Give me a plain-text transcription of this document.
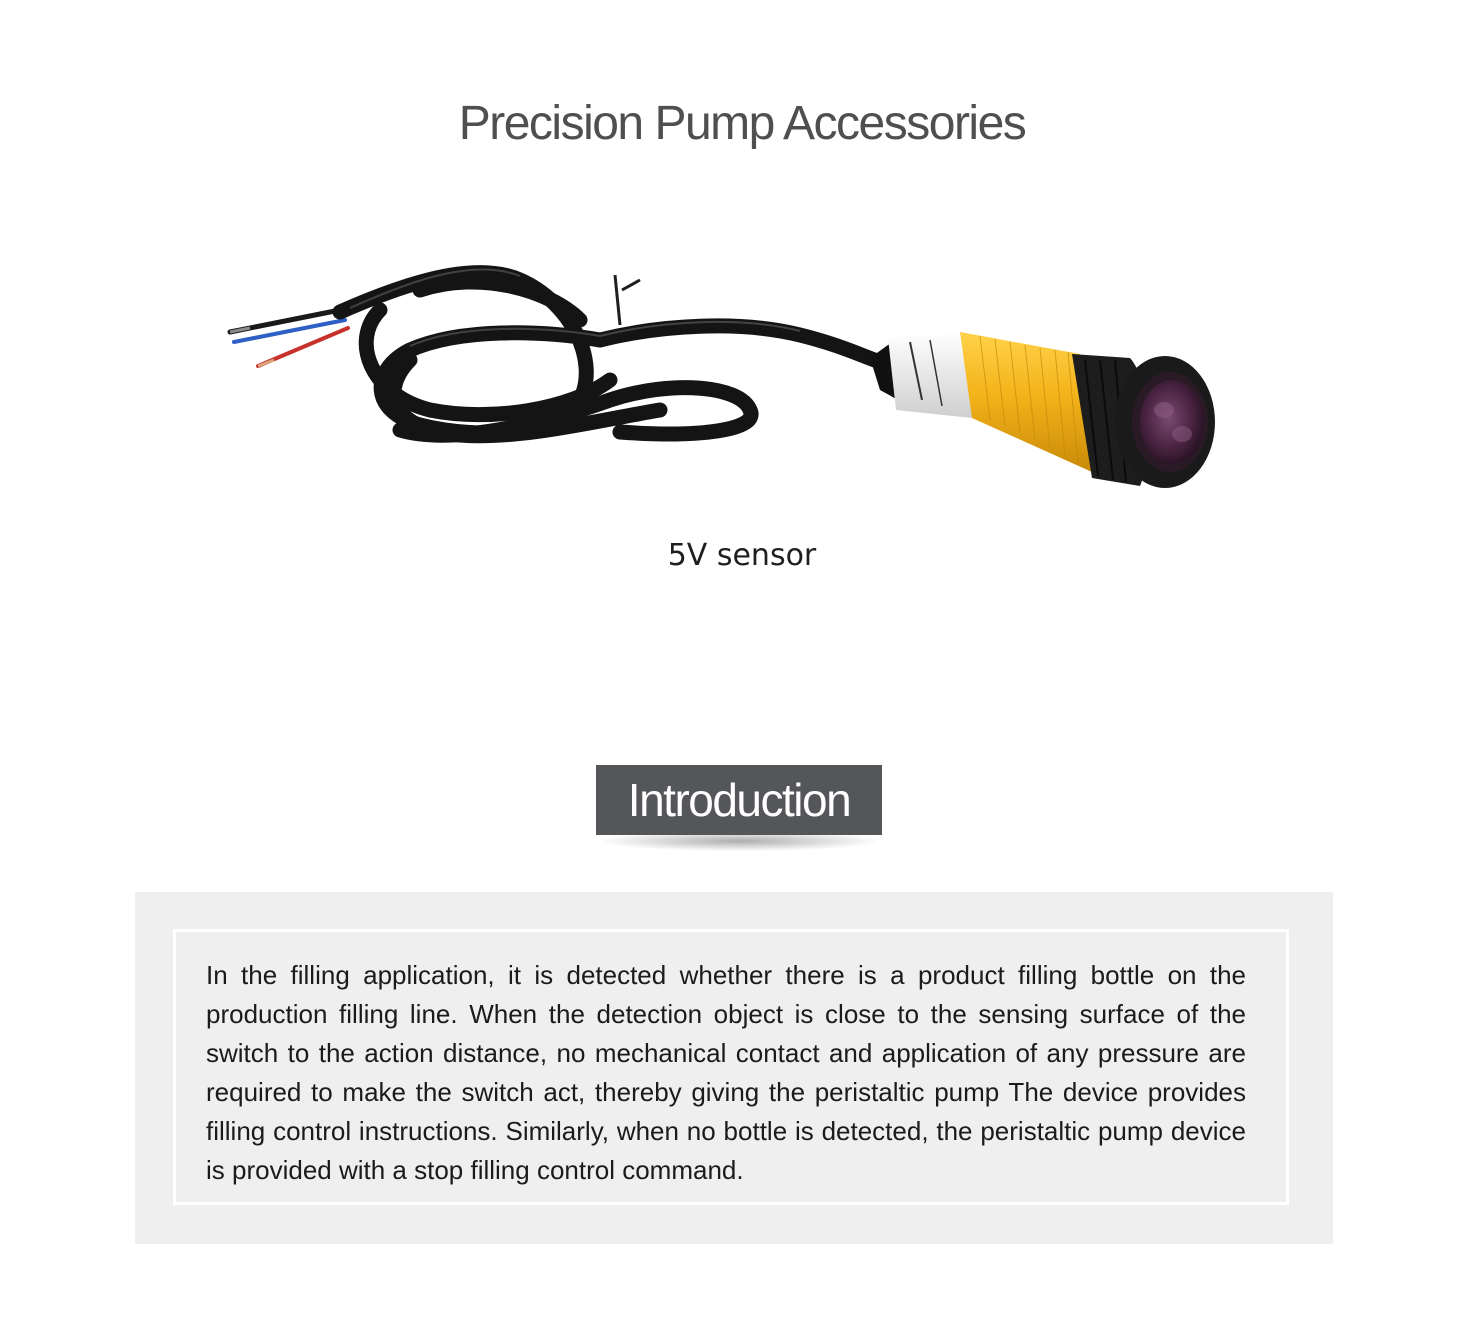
Precision Pump Accessories
5V sensor
Introduction

In the filling application, it is detected whether there is a product filling bottle on the production filling line. When the detection object is close to the sensing surface of the switch to the action distance, no mechanical contact and application of any pressure are required to make the switch act, thereby giving the peristaltic pump The device provides filling control instructions. Similarly, when no bottle is detected, the peristaltic pump device is provided with a stop filling control command.
